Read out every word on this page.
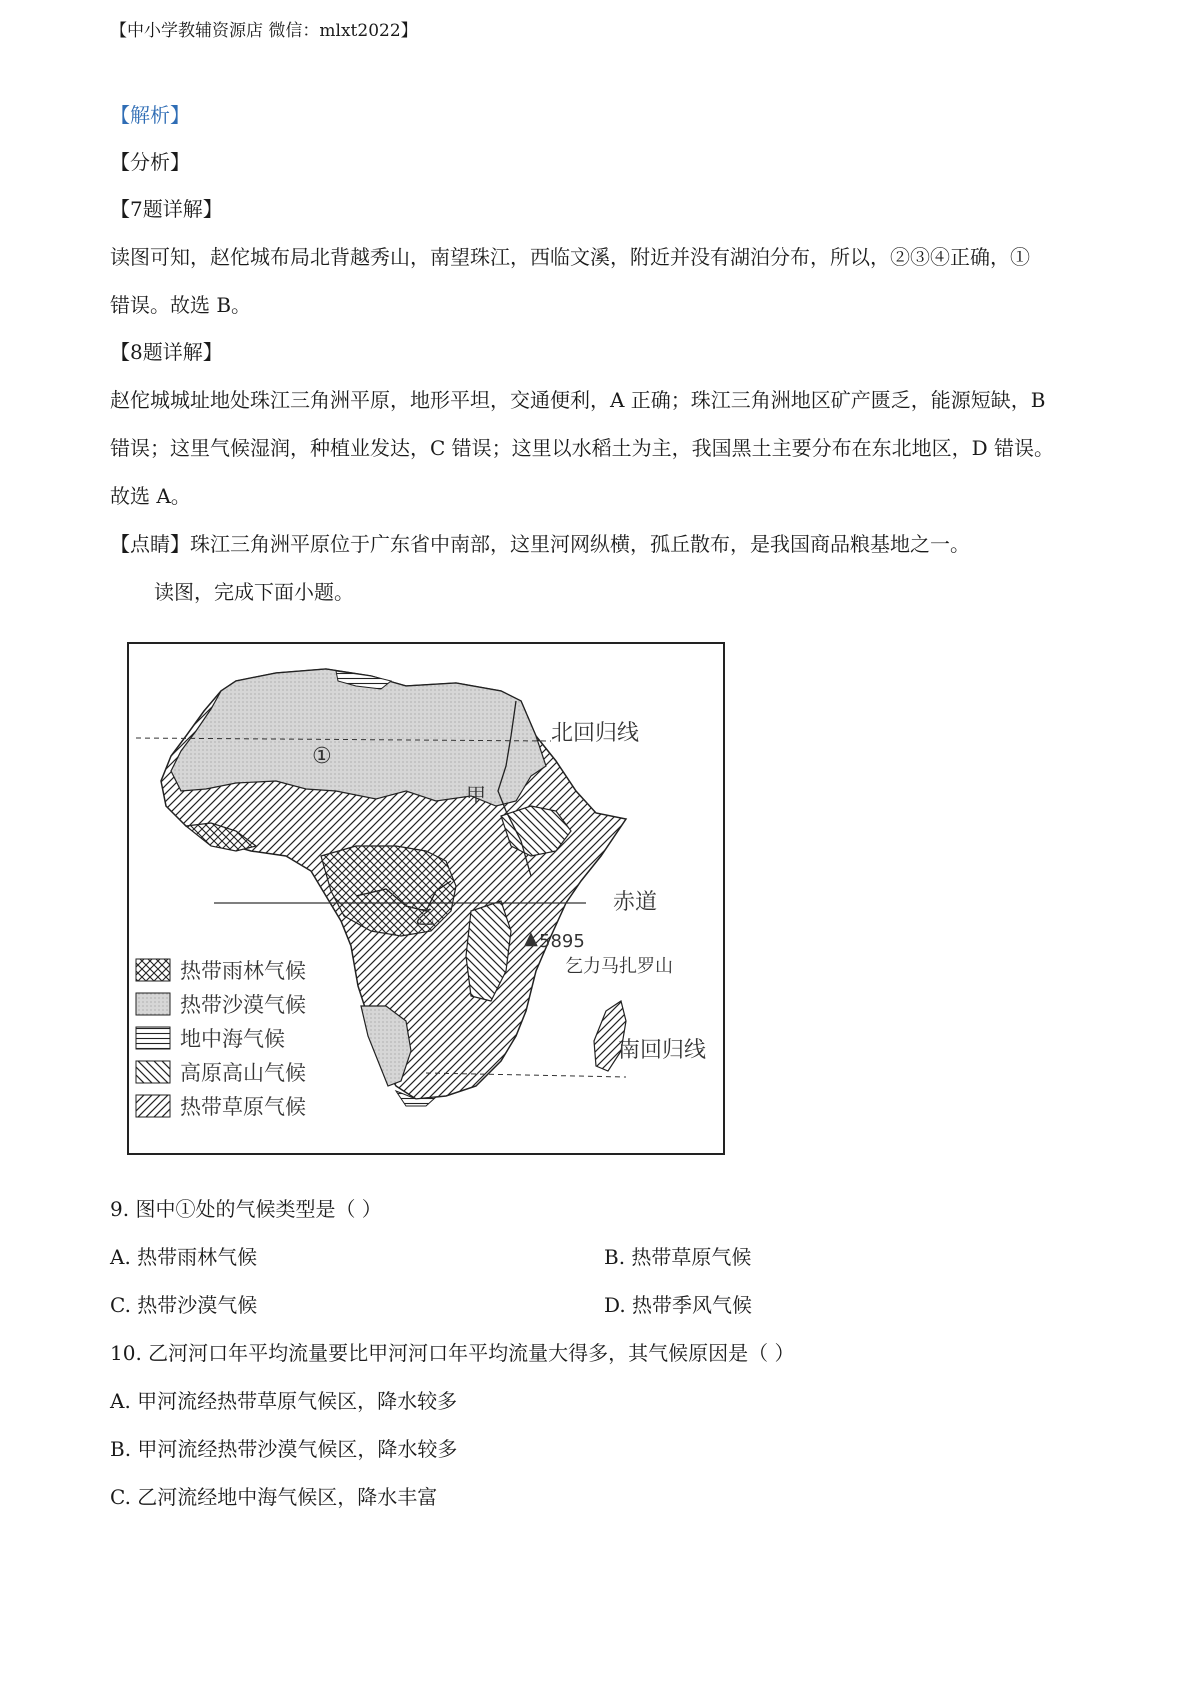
【中小学教辅资源店 微信：mlxt2022】
【解析】
【分析】
【7题详解】
读图可知，赵佗城布局北背越秀山，南望珠江，西临文溪，附近并没有湖泊分布，所以，②③④正确，①
错误。故选 B。
【8题详解】
赵佗城城址地处珠江三角洲平原，地形平坦，交通便利，A 正确；珠江三角洲地区矿产匮乏，能源短缺，B
错误；这里气候湿润，种植业发达，C 错误；这里以水稻土为主，我国黑土主要分布在东北地区，D 错误。
故选 A。
【点睛】珠江三角洲平原位于广东省中南部，这里河网纵横，孤丘散布，是我国商品粮基地之一。
读图，完成下面小题。
北回归线
赤道
南回归线
①
甲
乙
▲ 5895
乞力马扎罗山
热带雨林气候
热带沙漠气候
地中海气候
高原高山气候
热带草原气候
9. 图中①处的气候类型是（ ）
A. 热带雨林气候	B. 热带草原气候
C. 热带沙漠气候	D. 热带季风气候
10. 乙河河口年平均流量要比甲河河口年平均流量大得多，其气候原因是（ ）
A. 甲河流经热带草原气候区，降水较多
B. 甲河流经热带沙漠气候区，降水较多
C. 乙河流经地中海气候区，降水丰富
